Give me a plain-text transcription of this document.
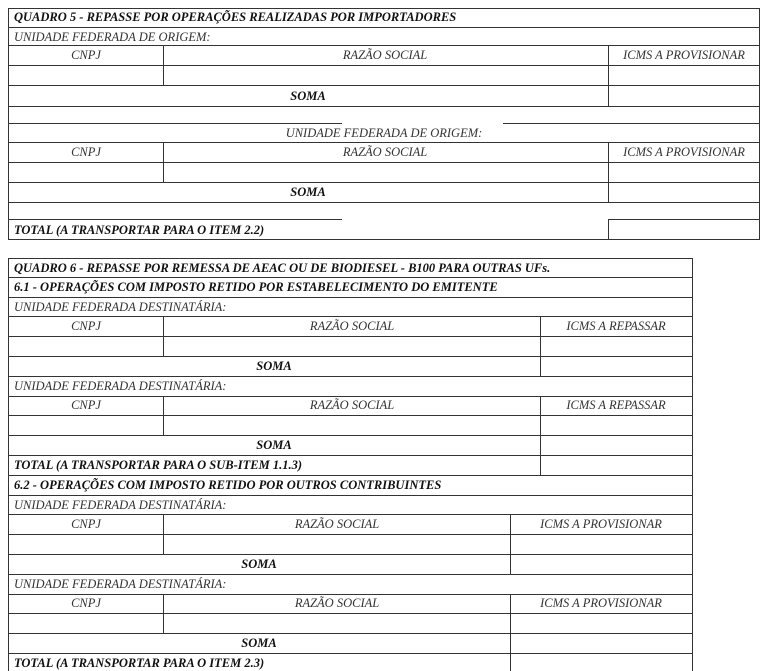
QUADRO 5 - REPASSE POR OPERAÇÕES REALIZADAS POR IMPORTADORES
UNIDADE FEDERADA DE ORIGEM:
CNPJ	RAZÃO SOCIAL	ICMS A PROVISIONAR
SOMA
UNIDADE FEDERADA DE ORIGEM:
CNPJ	RAZÃO SOCIAL	ICMS A PROVISIONAR
SOMA
TOTAL (A TRANSPORTAR PARA O ITEM 2.2)
QUADRO 6 - REPASSE POR REMESSA DE AEAC OU DE BIODIESEL - B100 PARA OUTRAS UFs.
6.1 - OPERAÇÕES COM IMPOSTO RETIDO POR ESTABELECIMENTO DO EMITENTE
UNIDADE FEDERADA DESTINATÁRIA:
CNPJ	RAZÃO SOCIAL	ICMS A REPASSAR
SOMA
UNIDADE FEDERADA DESTINATÁRIA:
CNPJ	RAZÃO SOCIAL	ICMS A REPASSAR
SOMA
TOTAL (A TRANSPORTAR PARA O SUB-ITEM 1.1.3)
6.2 - OPERAÇÕES COM IMPOSTO RETIDO POR OUTROS CONTRIBUINTES
UNIDADE FEDERADA DESTINATÁRIA:
CNPJ	RAZÃO SOCIAL	ICMS A PROVISIONAR
SOMA
UNIDADE FEDERADA DESTINATÁRIA:
CNPJ	RAZÃO SOCIAL	ICMS A PROVISIONAR
SOMA
TOTAL (A TRANSPORTAR PARA O ITEM 2.3)
